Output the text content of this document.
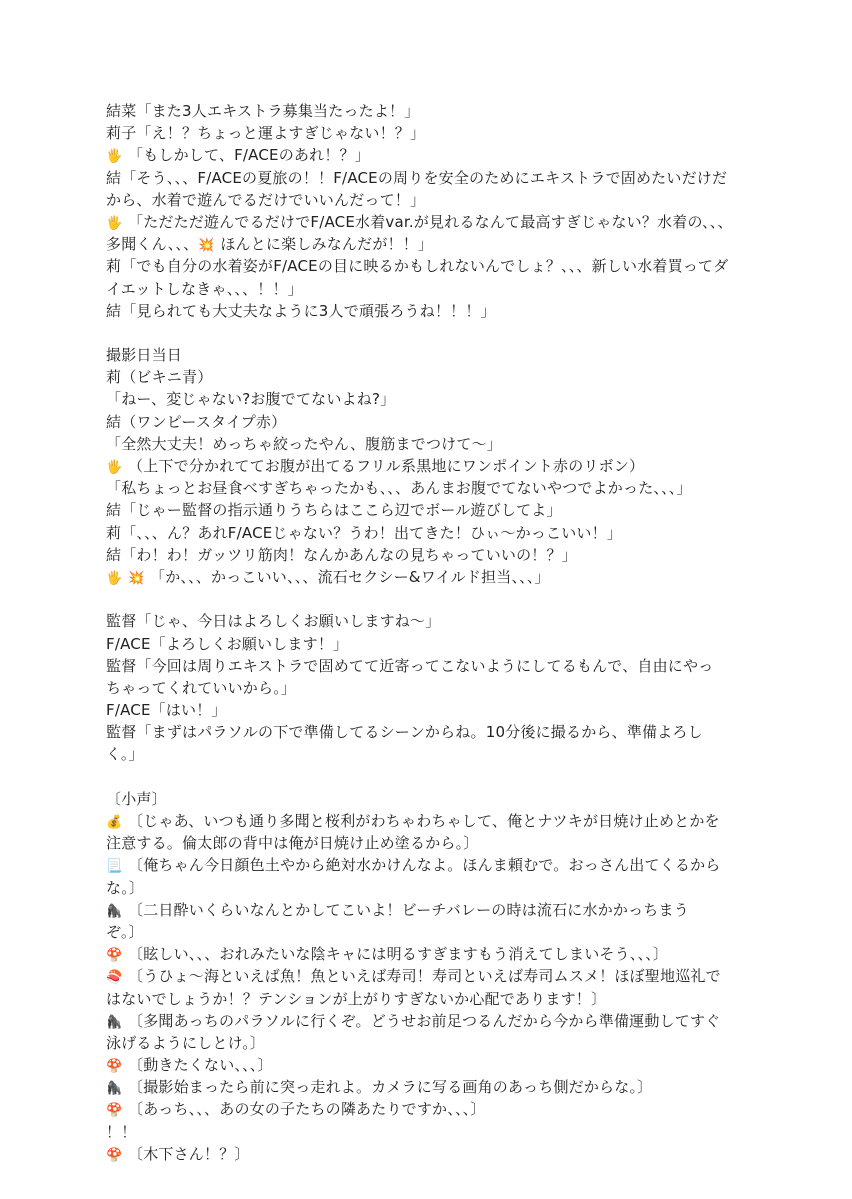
結菜「また3人エキストラ募集当たったよ！」
莉子「え！？ちょっと運よすぎじゃない！？」
🖐 「もしかして、F/ACEのあれ！？」
結「そう、、、F/ACEの夏旅の！！F/ACEの周りを安全のためにエキストラで固めたいだけだ
から、水着で遊んでるだけでいいんだって！」
🖐 「ただただ遊んでるだけでF/ACE水着var.が見れるなんて最高すぎじゃない？水着の、、、
多聞くん、、、💥 ほんとに楽しみなんだが！！」
莉「でも自分の水着姿がF/ACEの目に映るかもしれないんでしょ？、、、新しい水着買ってダ
イエットしなきゃ、、、！！」
結「見られても大丈夫なように3人で頑張ろうね！！！」
撮影日当日
莉（ビキニ青）
「ねー、変じゃない?お腹でてないよね?」
結（ワンピースタイプ赤）
「全然大丈夫！めっちゃ絞ったやん、腹筋までつけて〜」
🖐 （上下で分かれててお腹が出てるフリル系黒地にワンポイント赤のリボン）
「私ちょっとお昼食べすぎちゃったかも、、、あんまお腹でてないやつでよかった、、、」
結「じゃー監督の指示通りうちらはここら辺でボール遊びしてよ」
莉「、、、ん？あれF/ACEじゃない？うわ！出てきた！ひぃ〜かっこいい！」
結「わ！わ！ガッツリ筋肉！なんかあんなの見ちゃっていいの！？」
🖐 💥 「か、、、かっこいい、、、流石セクシー&ワイルド担当、、、」
監督「じゃ、今日はよろしくお願いしますね〜」
F/ACE「よろしくお願いします！」
監督「今回は周りエキストラで固めてて近寄ってこないようにしてるもんで、自由にやっ
ちゃってくれていいから。」
F/ACE「はい！」
監督「まずはパラソルの下で準備してるシーンからね。10分後に撮るから、準備よろし
く。」
〔小声〕
💰 〔じゃあ、いつも通り多聞と桜利がわちゃわちゃして、俺とナツキが日焼け止めとかを
注意する。倫太郎の背中は俺が日焼け止め塗るから。〕
📃 〔俺ちゃん今日顔色土やから絶対水かけんなよ。ほんま頼むで。おっさん出てくるから
な。〕
🦍 〔二日酔いくらいなんとかしてこいよ！ビーチバレーの時は流石に水かかっちまう
ぞ。〕
🍄 〔眩しい、、、おれみたいな陰キャには明るすぎますもう消えてしまいそう、、、〕
🍣 〔うひょ〜海といえば魚！魚といえば寿司！寿司といえば寿司ムスメ！ほぼ聖地巡礼で
はないでしょうか！？テンションが上がりすぎないか心配であります！〕
🦍 〔多聞あっちのパラソルに行くぞ。どうせお前足つるんだから今から準備運動してすぐ
泳げるようにしとけ。〕
🍄 〔動きたくない、、、〕
🦍 〔撮影始まったら前に突っ走れよ。カメラに写る画角のあっち側だからな。〕
🍄 〔あっち、、、あの女の子たちの隣あたりですか、、、〕
！！
🍄 〔木下さん！？〕
